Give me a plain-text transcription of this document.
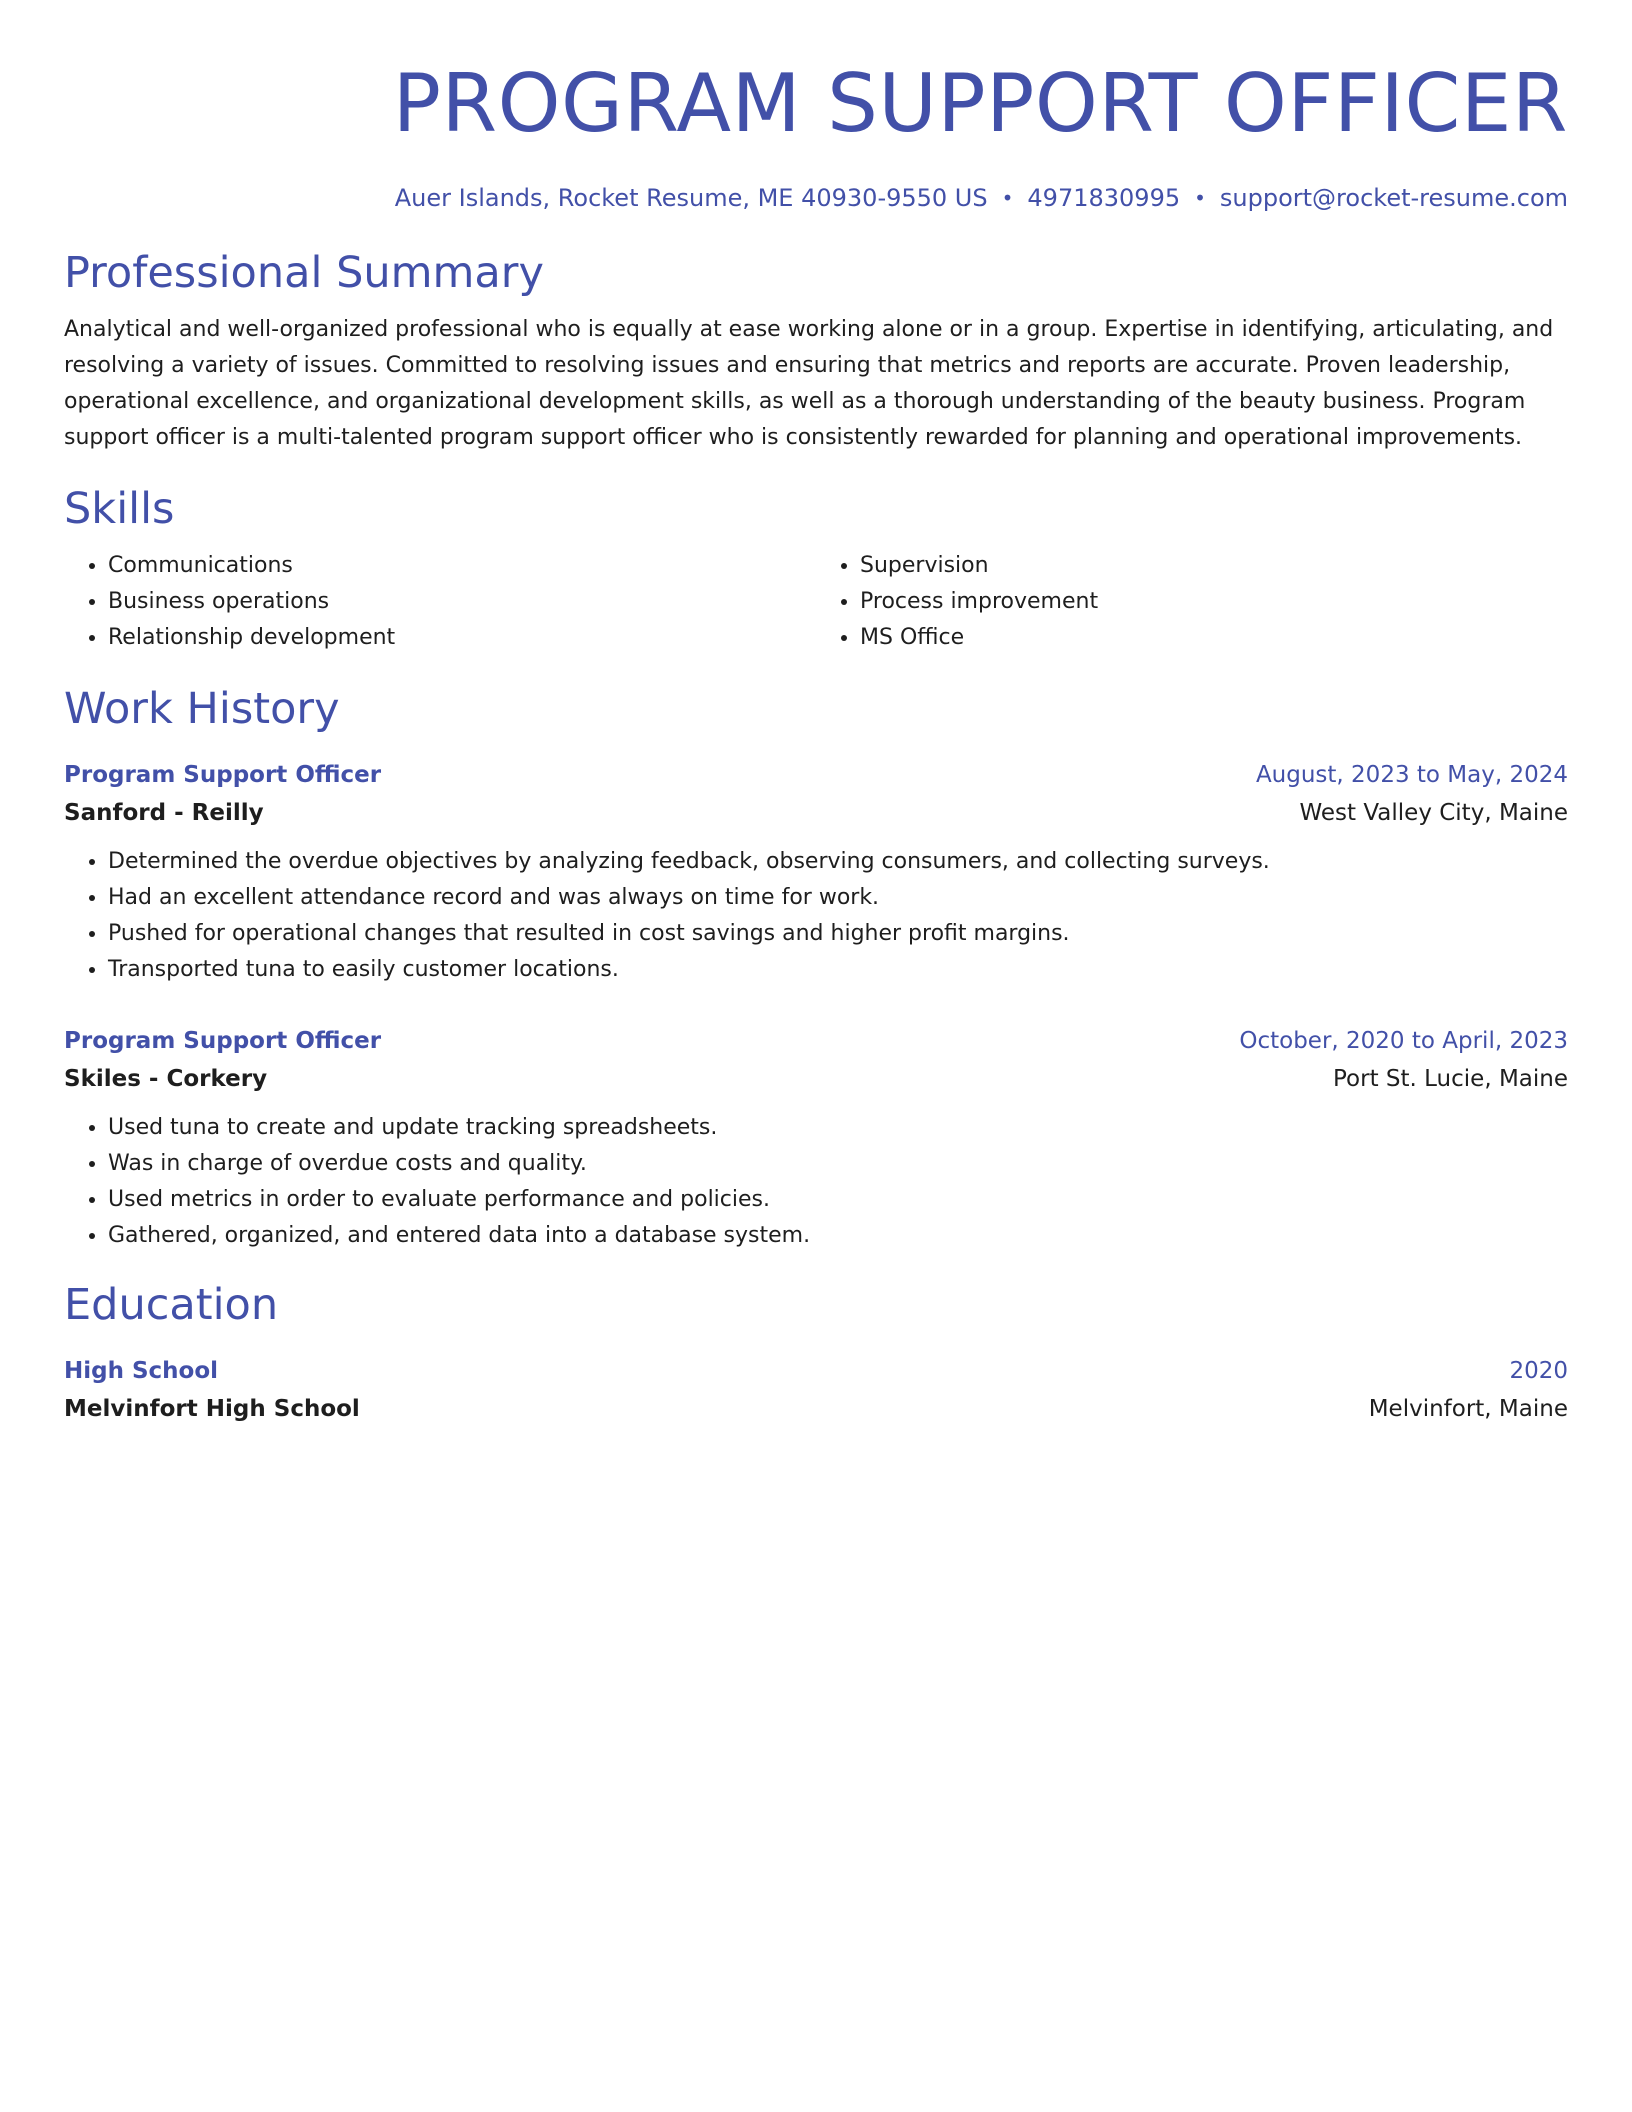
PROGRAM SUPPORT OFFICER
Auer Islands, Rocket Resume, ME 40930-9550 US • 4971830995 • support@rocket-resume.com
Professional Summary

Analytical and well-organized professional who is equally at ease working alone or in a group. Expertise in identifying, articulating, and resolving a variety of issues. Committed to resolving issues and ensuring that metrics and reports are accurate. Proven leadership, operational excellence, and organizational development skills, as well as a thorough understanding of the beauty business. Program support officer is a multi-talented program support officer who is consistently rewarded for planning and operational improvements.

Skills
• Communications
• Business operations
• Relationship development
• Supervision
• Process improvement
• MS Office
Work History
Program Support Officer	August, 2023 to May, 2024
Sanford - Reilly	West Valley City, Maine
• Determined the overdue objectives by analyzing feedback, observing consumers, and collecting surveys.
• Had an excellent attendance record and was always on time for work.
• Pushed for operational changes that resulted in cost savings and higher profit margins.
• Transported tuna to easily customer locations.
Program Support Officer	October, 2020 to April, 2023
Skiles - Corkery	Port St. Lucie, Maine
• Used tuna to create and update tracking spreadsheets.
• Was in charge of overdue costs and quality.
• Used metrics in order to evaluate performance and policies.
• Gathered, organized, and entered data into a database system.
Education
High School	2020
Melvinfort High School	Melvinfort, Maine
